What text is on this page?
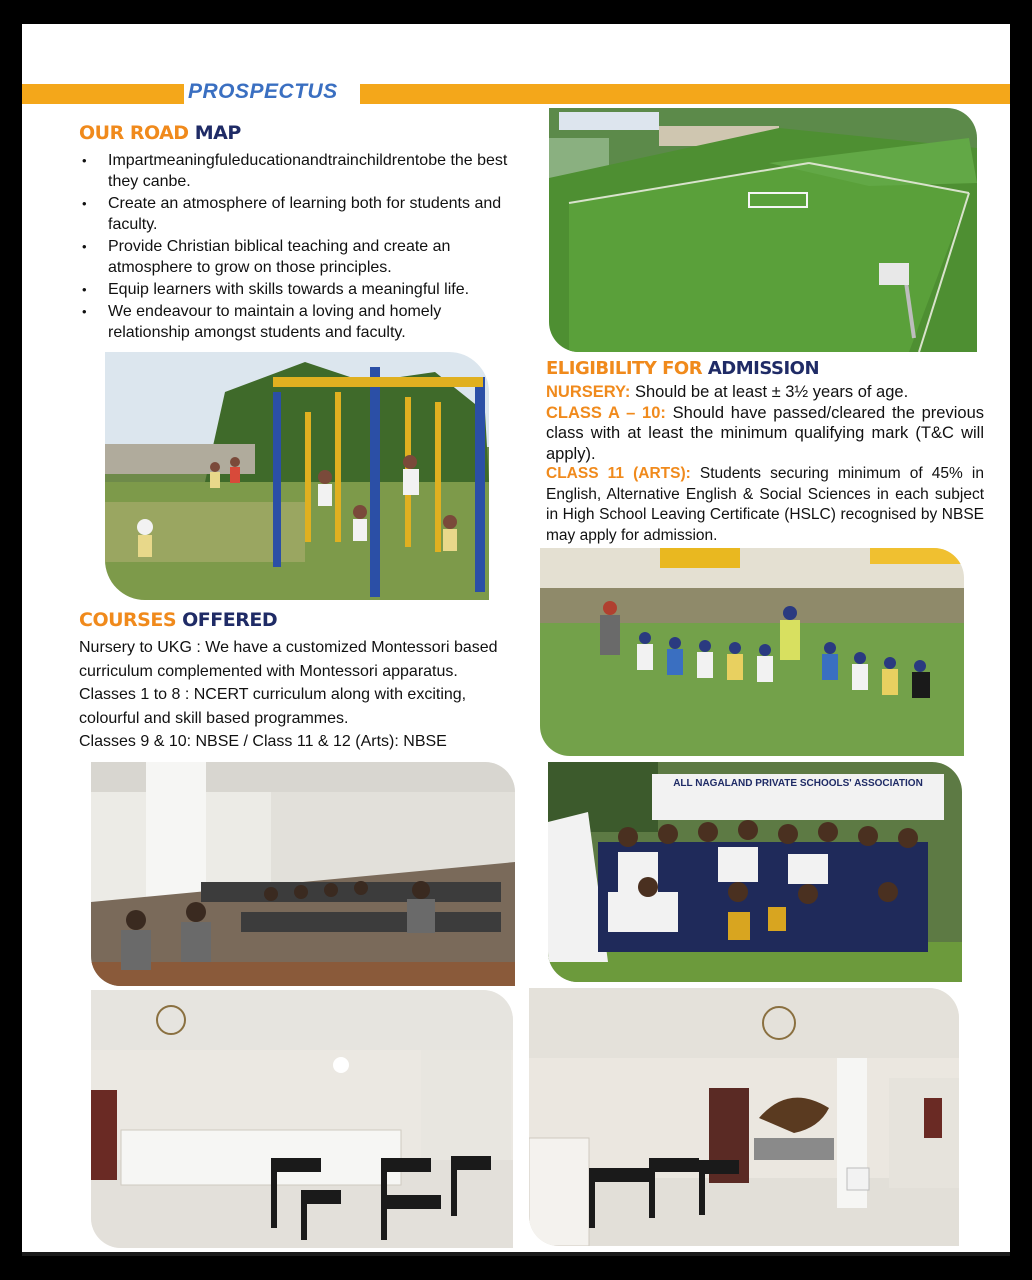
PROSPECTUS
OUR ROAD MAP
• Impartmeaningfuleducationandtrainchildrentobe the best they canbe.
• Create an atmosphere of learning both for students and faculty.
• Provide Christian biblical teaching and create an atmosphere to grow on those principles.
• Equip learners with skills towards a meaningful life.
• We endeavour to maintain a loving and homely relationship amongst students and faculty.
COURSES OFFERED

Nursery to UKG : We have a customized Montessori based curriculum complemented with Montessori apparatus.

Classes 1 to 8 : NCERT curriculum along with exciting, colourful and skill based programmes.

Classes 9 & 10: NBSE / Class 11 & 12 (Arts): NBSE

ELIGIBILITY FOR ADMISSION

NURSERY: Should be at least ± 3½ years of age.

CLASS A – 10: Should have passed/cleared the previous class with at least the minimum qualifying mark (T&C will apply).

CLASS 11 (ARTS): Students securing minimum of 45% in English, Alternative English & Social Sciences in each subject in High School Leaving Certificate (HSLC) recognised by NBSE may apply for admission.

ALL NAGALAND PRIVATE SCHOOLS' ASSOCIATION
